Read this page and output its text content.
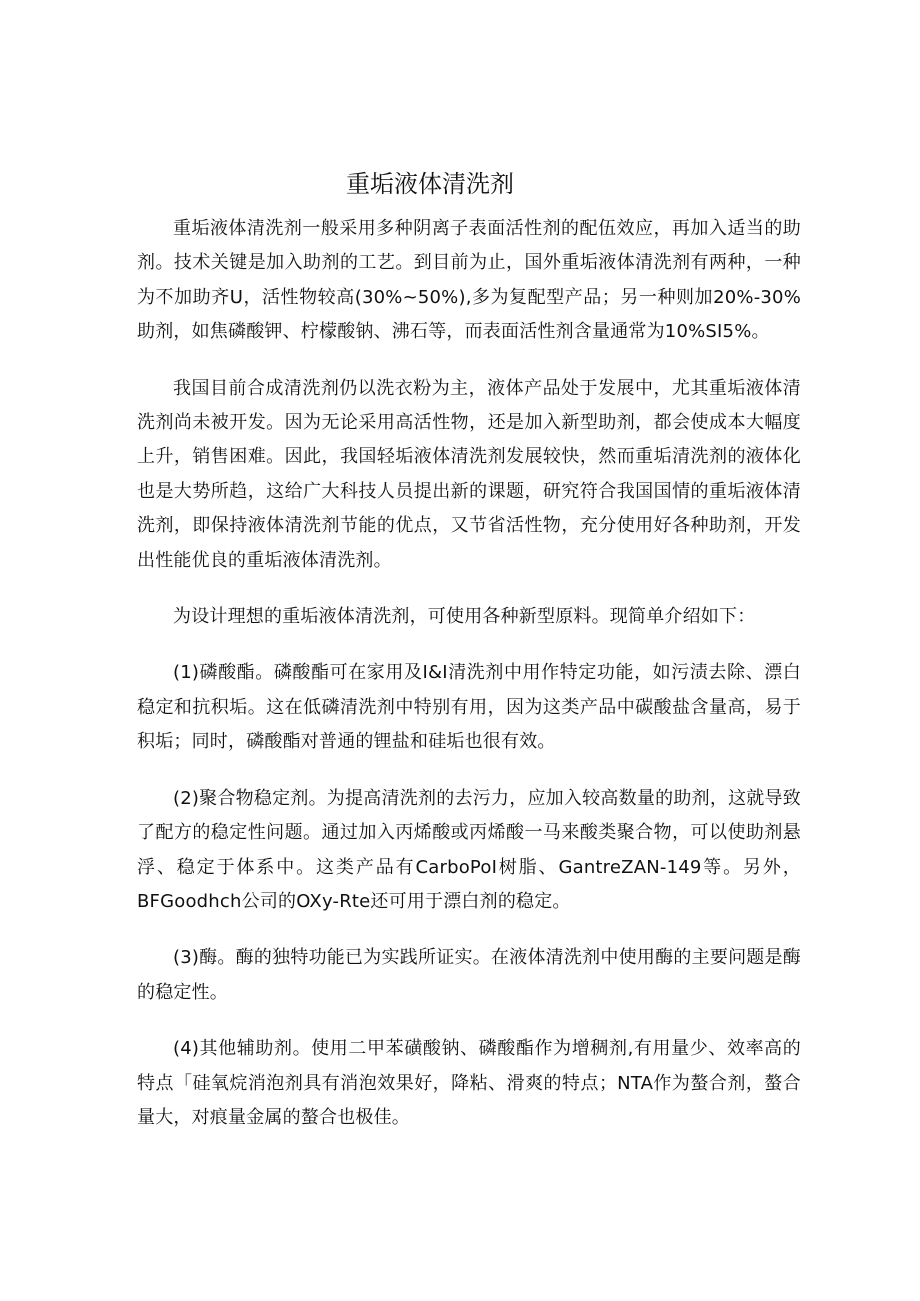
重垢液体清洗剂

重垢液体清洗剂一般采用多种阴离子表面活性剂的配伍效应，再加入适当的助剂。技术关键是加入助剂的工艺。到目前为止，国外重垢液体清洗剂有两种，一种为不加助齐U，活性物较高(30%~50%),多为复配型产品；另一种则加20%-30%助剂，如焦磷酸钾、柠檬酸钠、沸石等，而表面活性剂含量通常为10%SI5%。

我国目前合成清洗剂仍以洗衣粉为主，液体产品处于发展中，尤其重垢液体清洗剂尚未被开发。因为无论采用高活性物，还是加入新型助剂，都会使成本大幅度上升，销售困难。因此，我国轻垢液体清洗剂发展较快，然而重垢清洗剂的液体化也是大势所趋，这给广大科技人员提出新的课题，研究符合我国国情的重垢液体清洗剂，即保持液体清洗剂节能的优点，又节省活性物，充分使用好各种助剂，开发出性能优良的重垢液体清洗剂。

为设计理想的重垢液体清洗剂，可使用各种新型原料。现简单介绍如下：

(1)磷酸酯。磷酸酯可在家用及I&I清洗剂中用作特定功能，如污渍去除、漂白稳定和抗积垢。这在低磷清洗剂中特别有用，因为这类产品中碳酸盐含量高，易于积垢；同时，磷酸酯对普通的锂盐和硅垢也很有效。

(2)聚合物稳定剂。为提高清洗剂的去污力，应加入较高数量的助剂，这就导致了配方的稳定性问题。通过加入丙烯酸或丙烯酸一马来酸类聚合物，可以使助剂悬浮、稳定于体系中。这类产品有CarboPoI树脂、GantreZAN-149等。另外，BFGoodhch公司的OXy-Rte还可用于漂白剂的稳定。

(3)酶。酶的独特功能已为实践所证实。在液体清洗剂中使用酶的主要问题是酶的稳定性。

(4)其他辅助剂。使用二甲苯磺酸钠、磷酸酯作为增稠剂,有用量少、效率高的特点「硅氧烷消泡剂具有消泡效果好，降粘、滑爽的特点；NTA作为螯合剂，螯合量大，对痕量金属的螯合也极佳。
